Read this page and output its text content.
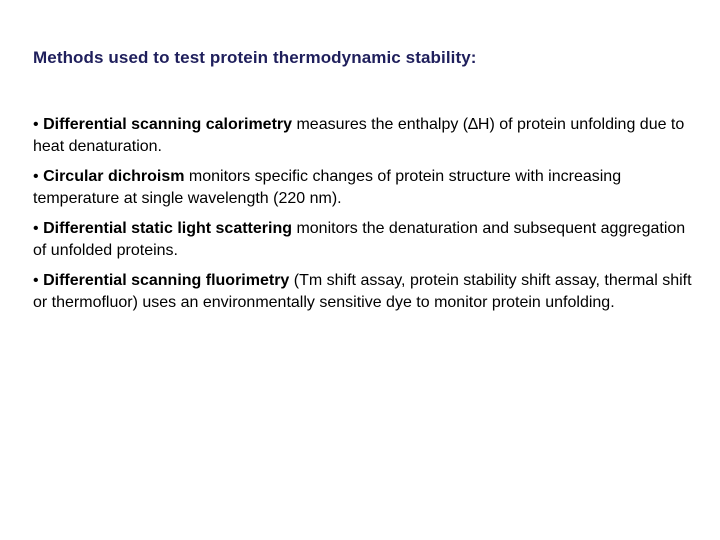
Methods used to test protein thermodynamic stability:
• Differential scanning calorimetry measures the enthalpy (∆H) of protein unfolding due to heat denaturation.
• Circular dichroism monitors specific changes of protein structure with increasing temperature at single wavelength (220 nm).
• Differential static light scattering monitors the denaturation and subsequent aggregation of unfolded proteins.
• Differential scanning fluorimetry (Tm shift assay, protein stability shift assay, thermal shift or thermofluor) uses an environmentally sensitive dye to monitor protein unfolding.
